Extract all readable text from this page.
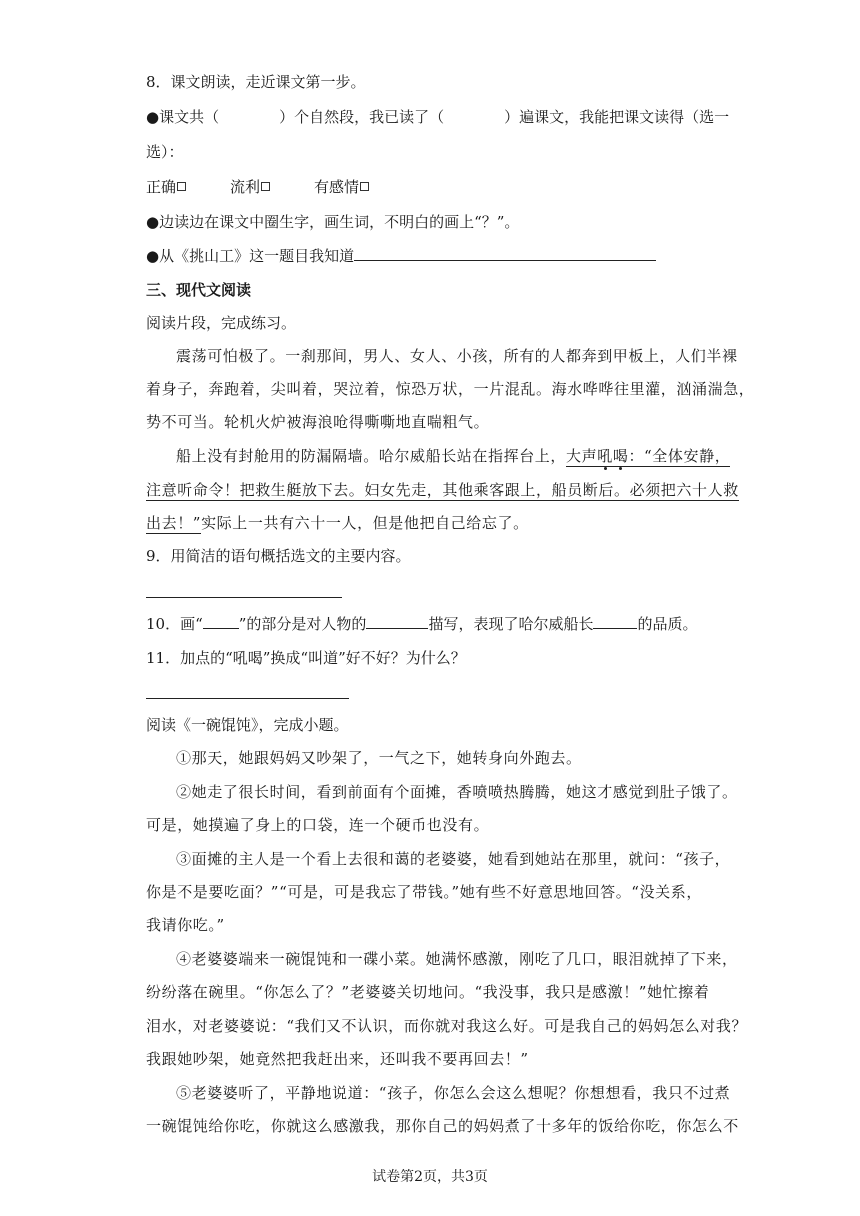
8．课文朗读，走近课文第一步。
●课文共（	）个自然段，我已读了（	）遍课文，我能把课文读得（选一
选）：
正确	流利	有感情
●边读边在课文中圈生字，画生词，不明白的画上“？”。
●从《挑山工》这一题目我知道
三、现代文阅读
阅读片段，完成练习。
震荡可怕极了。一刹那间，男人、女人、小孩，所有的人都奔到甲板上，人们半裸
着身子，奔跑着，尖叫着，哭泣着，惊恐万状，一片混乱。海水哗哗往里灌，汹涌湍急，
势不可当。轮机火炉被海浪呛得嘶嘶地直喘粗气。
船上没有封舱用的防漏隔墙。哈尔威船长站在指挥台上，大声吼喝：“全体安静，
注意听命令！把救生艇放下去。妇女先走，其他乘客跟上，船员断后。必须把六十人救
出去！”实际上一共有六十一人，但是他把自己给忘了。
9．用简洁的语句概括选文的主要内容。
10．画“ ”的部分是对人物的	描写，表现了哈尔威船长	的品质。
11．加点的“吼喝”换成“叫道”好不好？为什么？
阅读《一碗馄饨》，完成小题。
①那天，她跟妈妈又吵架了，一气之下，她转身向外跑去。
②她走了很长时间，看到前面有个面摊，香喷喷热腾腾，她这才感觉到肚子饿了。
可是，她摸遍了身上的口袋，连一个硬币也没有。
③面摊的主人是一个看上去很和蔼的老婆婆，她看到她站在那里，就问：“孩子，
你是不是要吃面？”“可是，可是我忘了带钱。”她有些不好意思地回答。“没关系，
我请你吃。”
④老婆婆端来一碗馄饨和一碟小菜。她满怀感激，刚吃了几口，眼泪就掉了下来，
纷纷落在碗里。“你怎么了？”老婆婆关切地问。“我没事，我只是感激！”她忙擦着
泪水，对老婆婆说：“我们又不认识，而你就对我这么好。可是我自己的妈妈怎么对我？
我跟她吵架，她竟然把我赶出来，还叫我不要再回去！”
⑤老婆婆听了，平静地说道：“孩子，你怎么会这么想呢？你想想看，我只不过煮
一碗馄饨给你吃，你就这么感激我，那你自己的妈妈煮了十多年的饭给你吃，你怎么不
试卷第2页，共3页
